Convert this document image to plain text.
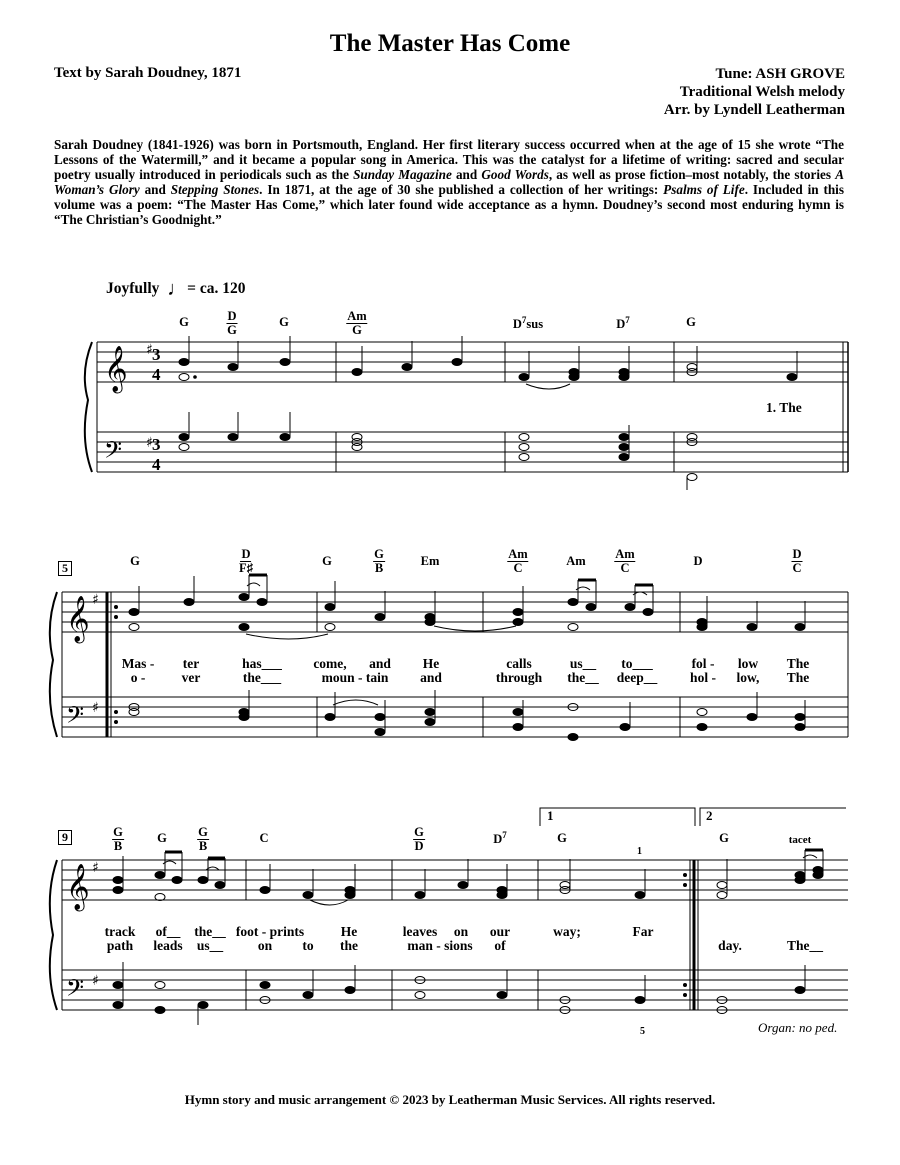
The Master Has Come
Text by Sarah Doudney, 1871	Tune: ASH GROVE
Traditional Welsh melody
Arr. by Lyndell Leatherman
Sarah Doudney (1841-1926) was born in Portsmouth, England. Her first literary success occurred when at the age of 15 she wrote “The Lessons of the Watermill,” and it became a popular song in America. This was the catalyst for a lifetime of writing: sacred and secular poetry usually introduced in periodicals such as the Sunday Magazine and Good Words, as well as prose fiction–most notably, the stories A Woman’s Glory and Stepping Stones. In 1871, at the age of 30 she published a collection of her writings: Psalms of Life. Included in this volume was a poem: “The Master Has Come,” which later found wide acceptance as a hymn. Doudney’s second most enduring hymn is “The Christian’s Goodnight.”
Joyfully ♩= ca. 120
G	D
G
G	Am
G	$D^7sus$	$D^7$	G
G	D
F♯	G	G
B	Em	Am
C	Am Am
C	D	D
C
G
B
G	G
B
C	G
D	$D^7$	G	G	tacet
5
9
1	2
1
5
1. The
Mas - ter	has___ come, and He	calls	us__ to___	fol - low The
o -	ver	the___	moun - tain and	through the__ deep__ hol - low, The
track of__ the__ foot - prints	He	leaves on our	way;	Far
path leads us__	on to the	man - sions of	day.	The__
Organ: no ped.
Hymn story and music arrangement © 2023 by Leatherman Music Services. All rights reserved.
𝄞
𝄢
♯
♯
𝄞
𝄢
♯
♯
𝄞
𝄢
♯
♯
3
4
3
4
